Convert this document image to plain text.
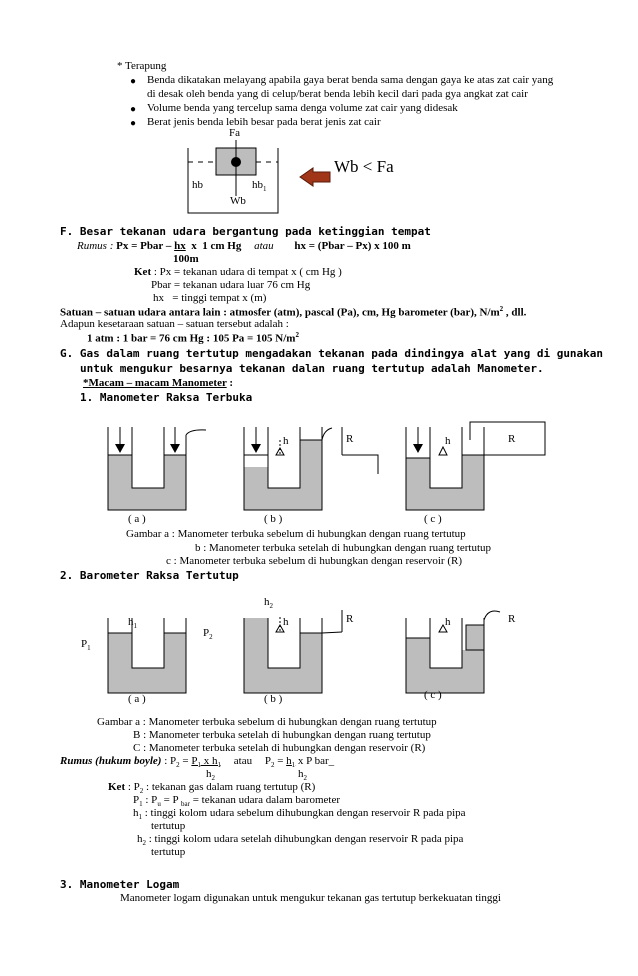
* Terapung
● Benda dikatakan melayang apabila gaya berat benda sama dengan gaya ke atas zat cair yang
di desak oleh benda yang di celup/berat benda lebih kecil dari pada gya angkat zat cair
● Volume benda yang tercelup sama denga volume zat cair yang didesak
● Berat jenis benda lebih besar pada berat jenis zat cair
Fa
hb	$hb_1$
Wb
Wb < Fa
F. Besar tekanan udara bergantung pada ketinggian tempat
Rumus : Px = Pbar – hx  x  1 cm Hg atau hx = (Pbar – Px) x 100 m
100m
Ket : Px = tekanan udara di tempat x ( cm Hg )
Pbar = tekanan udara luar 76 cm Hg
hx   = tinggi tempat x (m)
Satuan – satuan udara antara lain : atmosfer (atm), pascal (Pa), cm, Hg barometer (bar), $N/m^2$ , dll.
Adapun kesetaraan satuan – satuan tersebut adalah :
1 atm : 1 bar = 76 cm Hg : 105 Pa = 105 $N/m^2$
G. Gas dalam ruang tertutup mengadakan tekanan pada dindingya alat yang di gunakan
untuk mengukur besarnya tekanan dalan ruang tertutup adalah Manometer.
*Macam – macam Manometer :
1. Manometer Raksa Terbuka
h	R	h	R
( a )	( b )	( c )
Gambar a : Manometer terbuka sebelum di hubungkan dengan ruang tertutup
b : Manometer terbuka setelah di hubungkan dengan ruang tertutup
c : Manometer terbuka sebelum di hubungkan dengan reservoir (R)
2. Barometer Raksa Tertutup
$h_1$
$P_1$
$P_2$
$h_2$
h	R	h	R
( a )	( b )	( c )
Gambar a : Manometer terbuka sebelum di hubungkan dengan ruang tertutup
B : Manometer terbuka setelah di hubungkan dengan ruang tertutup
C : Manometer terbuka setelah di hubungkan dengan reservoir (R)
Rumus (hukum boyle) : $P_2 = P_1$ x $h_1$ atau $P_2 = h_1$ x P bar_
$h_2$	$h_2$
Ket : $P_2$ : tekanan gas dalam ruang tertutup (R)
$P_1$ : $P_u = P$ $_{bar}$ = tekanan udara dalam barometer
$h_1$ : tinggi kolom udara sebelum dihubungkan dengan reservoir R pada pipa
tertutup
$h_2$ : tinggi kolom udara setelah dihubungkan dengan reservoir R pada pipa
tertutup
3. Manometer Logam
Manometer logam digunakan untuk mengukur tekanan gas tertutup berkekuatan tinggi
